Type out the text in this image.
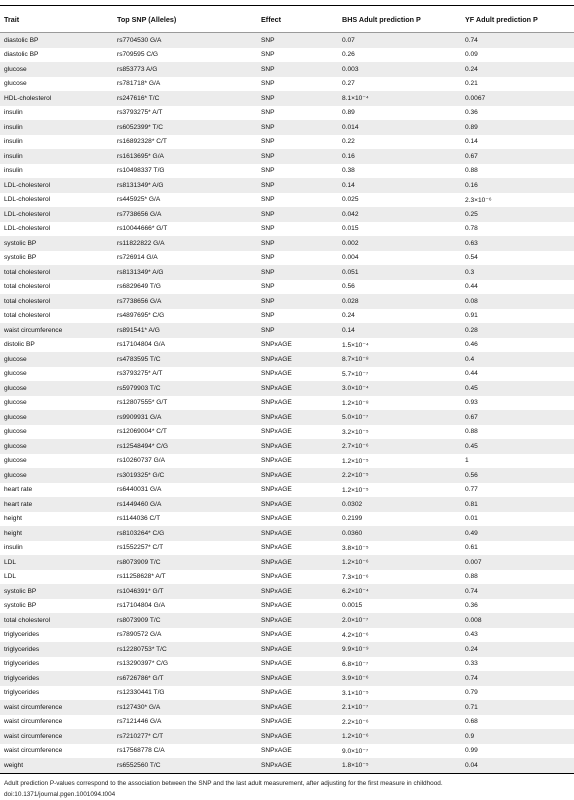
Trait	Top SNP (Alleles)	Effect	BHS Adult prediction P	YF Adult prediction P
diastolic BP	rs7704530 G/A	SNP	0.07	0.74
diastolic BP	rs709595 C/G	SNP	0.26	0.09
glucose	rs853773 A/G	SNP	0.003	0.24
glucose	rs781718* G/A	SNP	0.27	0.21
HDL-cholesterol	rs247616* T/C	SNP	8.1×10⁻⁴	0.0067
insulin	rs3793275* A/T	SNP	0.89	0.36
insulin	rs6052399* T/C	SNP	0.014	0.89
insulin	rs16892328* C/T	SNP	0.22	0.14
insulin	rs1613695* G/A	SNP	0.16	0.67
insulin	rs10498337 T/G	SNP	0.38	0.88
LDL-cholesterol	rs8131349* A/G	SNP	0.14	0.16
LDL-cholesterol	rs445925* G/A	SNP	0.025	2.3×10⁻⁶
LDL-cholesterol	rs7738656 G/A	SNP	0.042	0.25
LDL-cholesterol	rs10044666* G/T	SNP	0.015	0.78
systolic BP	rs11822822 G/A	SNP	0.002	0.63
systolic BP	rs726914 G/A	SNP	0.004	0.54
total cholesterol	rs8131349* A/G	SNP	0.051	0.3
total cholesterol	rs6829649 T/G	SNP	0.56	0.44
total cholesterol	rs7738656 G/A	SNP	0.028	0.08
total cholesterol	rs4897695* C/G	SNP	0.24	0.91
waist circumference	rs891541* A/G	SNP	0.14	0.28
distolic BP	rs17104804 G/A	SNPxAGE	1.5×10⁻⁴	0.46
glucose	rs4783595 T/C	SNPxAGE	8.7×10⁻⁸	0.4
glucose	rs3793275* A/T	SNPxAGE	5.7×10⁻⁷	0.44
glucose	rs5979903 T/C	SNPxAGE	3.0×10⁻⁴	0.45
glucose	rs12807555* G/T	SNPxAGE	1.2×10⁻⁸	0.93
glucose	rs9909931 G/A	SNPxAGE	5.0×10⁻⁷	0.67
glucose	rs12069004* C/T	SNPxAGE	3.2×10⁻⁵	0.88
glucose	rs12548494* C/G	SNPxAGE	2.7×10⁻⁶	0.45
glucose	rs10260737 G/A	SNPxAGE	1.2×10⁻⁵	1
glucose	rs3019325* G/C	SNPxAGE	2.2×10⁻⁵	0.56
heart rate	rs6440031 G/A	SNPxAGE	1.2×10⁻⁵	0.77
heart rate	rs1449460 G/A	SNPxAGE	0.0302	0.81
height	rs1144036 C/T	SNPxAGE	0.2199	0.01
height	rs8103264* C/G	SNPxAGE	0.0360	0.49
insulin	rs1552257* C/T	SNPxAGE	3.8×10⁻⁵	0.61
LDL	rs8073909 T/C	SNPxAGE	1.2×10⁻⁶	0.007
LDL	rs11258628* A/T	SNPxAGE	7.3×10⁻⁶	0.88
systolic BP	rs1046391* G/T	SNPxAGE	6.2×10⁻⁴	0.74
systolic BP	rs17104804 G/A	SNPxAGE	0.0015	0.36
total cholesterol	rs8073909 T/C	SNPxAGE	2.0×10⁻⁷	0.008
triglycerides	rs7890572 G/A	SNPxAGE	4.2×10⁻⁶	0.43
triglycerides	rs12280753* T/C	SNPxAGE	9.9×10⁻⁹	0.24
triglycerides	rs13290397* C/G	SNPxAGE	6.8×10⁻⁷	0.33
triglycerides	rs6726786* G/T	SNPxAGE	3.9×10⁻⁶	0.74
triglycerides	rs12330441 T/G	SNPxAGE	3.1×10⁻⁵	0.79
waist circumference	rs127430* G/A	SNPxAGE	2.1×10⁻⁷	0.71
waist circumference	rs7121446 G/A	SNPxAGE	2.2×10⁻⁶	0.68
waist circumference	rs7210277* C/T	SNPxAGE	1.2×10⁻⁶	0.9
waist circumference	rs17568778 C/A	SNPxAGE	9.0×10⁻⁷	0.99
weight	rs6552560 T/C	SNPxAGE	1.8×10⁻⁵	0.04
Adult prediction P-values correspond to the association between the SNP and the last adult measurement, after adjusting for the first measure in childhood.
doi:10.1371/journal.pgen.1001094.t004
